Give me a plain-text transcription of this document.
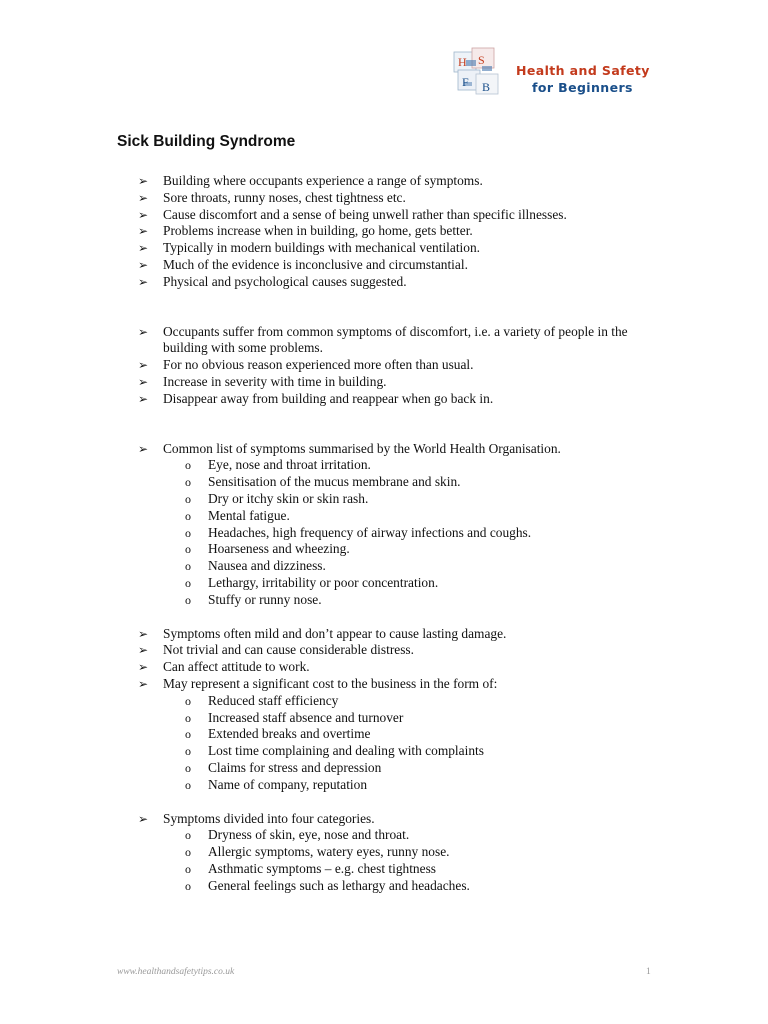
H S
F B
Health and Safety
for Beginners
Sick Building Syndrome
➢ Building where occupants experience a range of symptoms.
➢ Sore throats, runny noses, chest tightness etc.
➢ Cause discomfort and a sense of being unwell rather than specific illnesses.
➢ Problems increase when in building, go home, gets better.
➢ Typically in modern buildings with mechanical ventilation.
➢ Much of the evidence is inconclusive and circumstantial.
➢ Physical and psychological causes suggested.
➢ Occupants suffer from common symptoms of discomfort, i.e. a variety of people in the building with some problems.
➢ For no obvious reason experienced more often than usual.
➢ Increase in severity with time in building.
➢ Disappear away from building and reappear when go back in.
➢ Common list of symptoms summarised by the World Health Organisation.
o Eye, nose and throat irritation.
o Sensitisation of the mucus membrane and skin.
o Dry or itchy skin or skin rash.
o Mental fatigue.
o Headaches, high frequency of airway infections and coughs.
o Hoarseness and wheezing.
o Nausea and dizziness.
o Lethargy, irritability or poor concentration.
o Stuffy or runny nose.
➢ Symptoms often mild and don’t appear to cause lasting damage.
➢ Not trivial and can cause considerable distress.
➢ Can affect attitude to work.
➢ May represent a significant cost to the business in the form of:
o Reduced staff efficiency
o Increased staff absence and turnover
o Extended breaks and overtime
o Lost time complaining and dealing with complaints
o Claims for stress and depression
o Name of company, reputation
➢ Symptoms divided into four categories.
o Dryness of skin, eye, nose and throat.
o Allergic symptoms, watery eyes, runny nose.
o Asthmatic symptoms – e.g. chest tightness
o General feelings such as lethargy and headaches.
www.healthandsafetytips.co.uk	1
